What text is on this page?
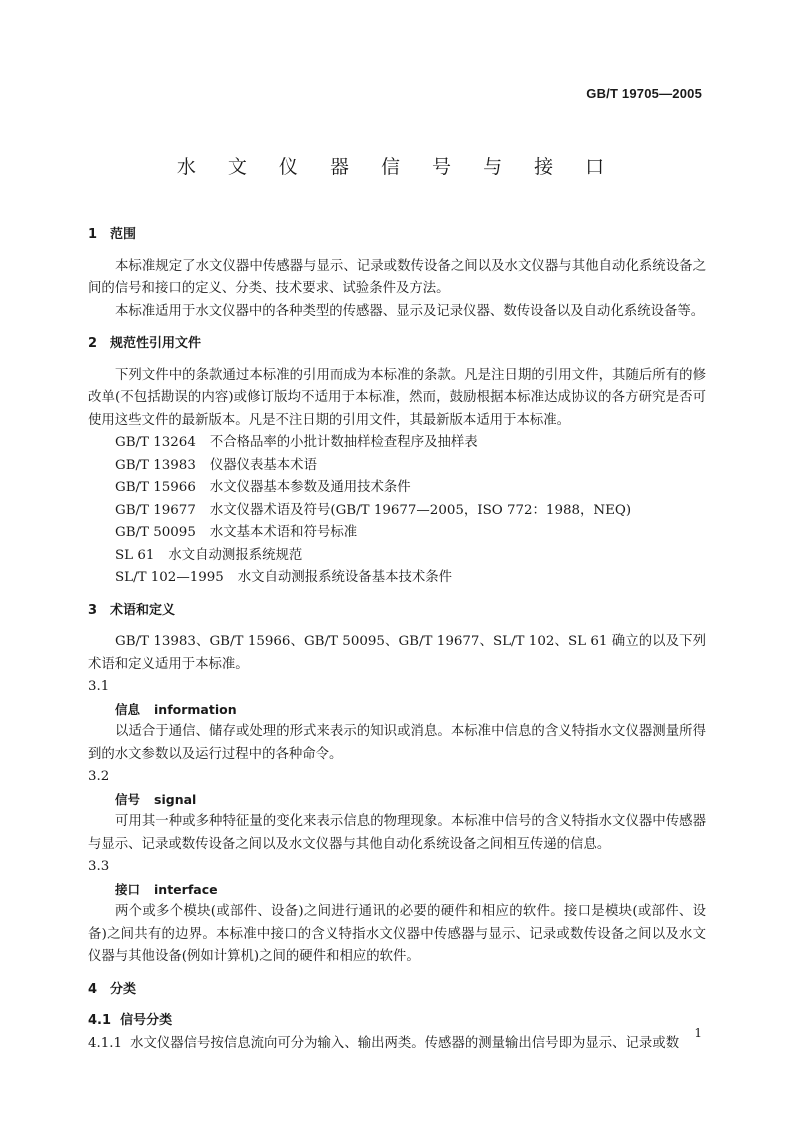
GB/T 19705—2005
水 文 仪 器 信 号 与 接 口
1 范围

本标准规定了水文仪器中传感器与显示、记录或数传设备之间以及水文仪器与其他自动化系统设备之间的信号和接口的定义、分类、技术要求、试验条件及方法。

本标准适用于水文仪器中的各种类型的传感器、显示及记录仪器、数传设备以及自动化系统设备等。

2 规范性引用文件

下列文件中的条款通过本标准的引用而成为本标准的条款。凡是注日期的引用文件，其随后所有的修改单(不包括勘误的内容)或修订版均不适用于本标准，然而，鼓励根据本标准达成协议的各方研究是否可使用这些文件的最新版本。凡是不注日期的引用文件，其最新版本适用于本标准。

GB/T 13264 不合格品率的小批计数抽样检查程序及抽样表

GB/T 13983 仪器仪表基本术语

GB/T 15966 水文仪器基本参数及通用技术条件

GB/T 19677 水文仪器术语及符号(GB/T 19677—2005，ISO 772：1988，NEQ)

GB/T 50095 水文基本术语和符号标准

SL 61 水文自动测报系统规范

SL/T 102—1995 水文自动测报系统设备基本技术条件

3 术语和定义

GB/T 13983、GB/T 15966、GB/T 50095、GB/T 19677、SL/T 102、SL 61 确立的以及下列术语和定义适用于本标准。

3.1

信息 information

以适合于通信、储存或处理的形式来表示的知识或消息。本标准中信息的含义特指水文仪器测量所得到的水文参数以及运行过程中的各种命令。

3.2

信号 signal

可用其一种或多种特征量的变化来表示信息的物理现象。本标准中信号的含义特指水文仪器中传感器与显示、记录或数传设备之间以及水文仪器与其他自动化系统设备之间相互传递的信息。

3.3

接口 interface

两个或多个模块(或部件、设备)之间进行通讯的必要的硬件和相应的软件。接口是模块(或部件、设备)之间共有的边界。本标准中接口的含义特指水文仪器中传感器与显示、记录或数传设备之间以及水文仪器与其他设备(例如计算机)之间的硬件和相应的软件。

4 分类

4.1 信号分类

4.1.1 水文仪器信号按信息流向可分为输入、输出两类。传感器的测量输出信号即为显示、记录或数

1
